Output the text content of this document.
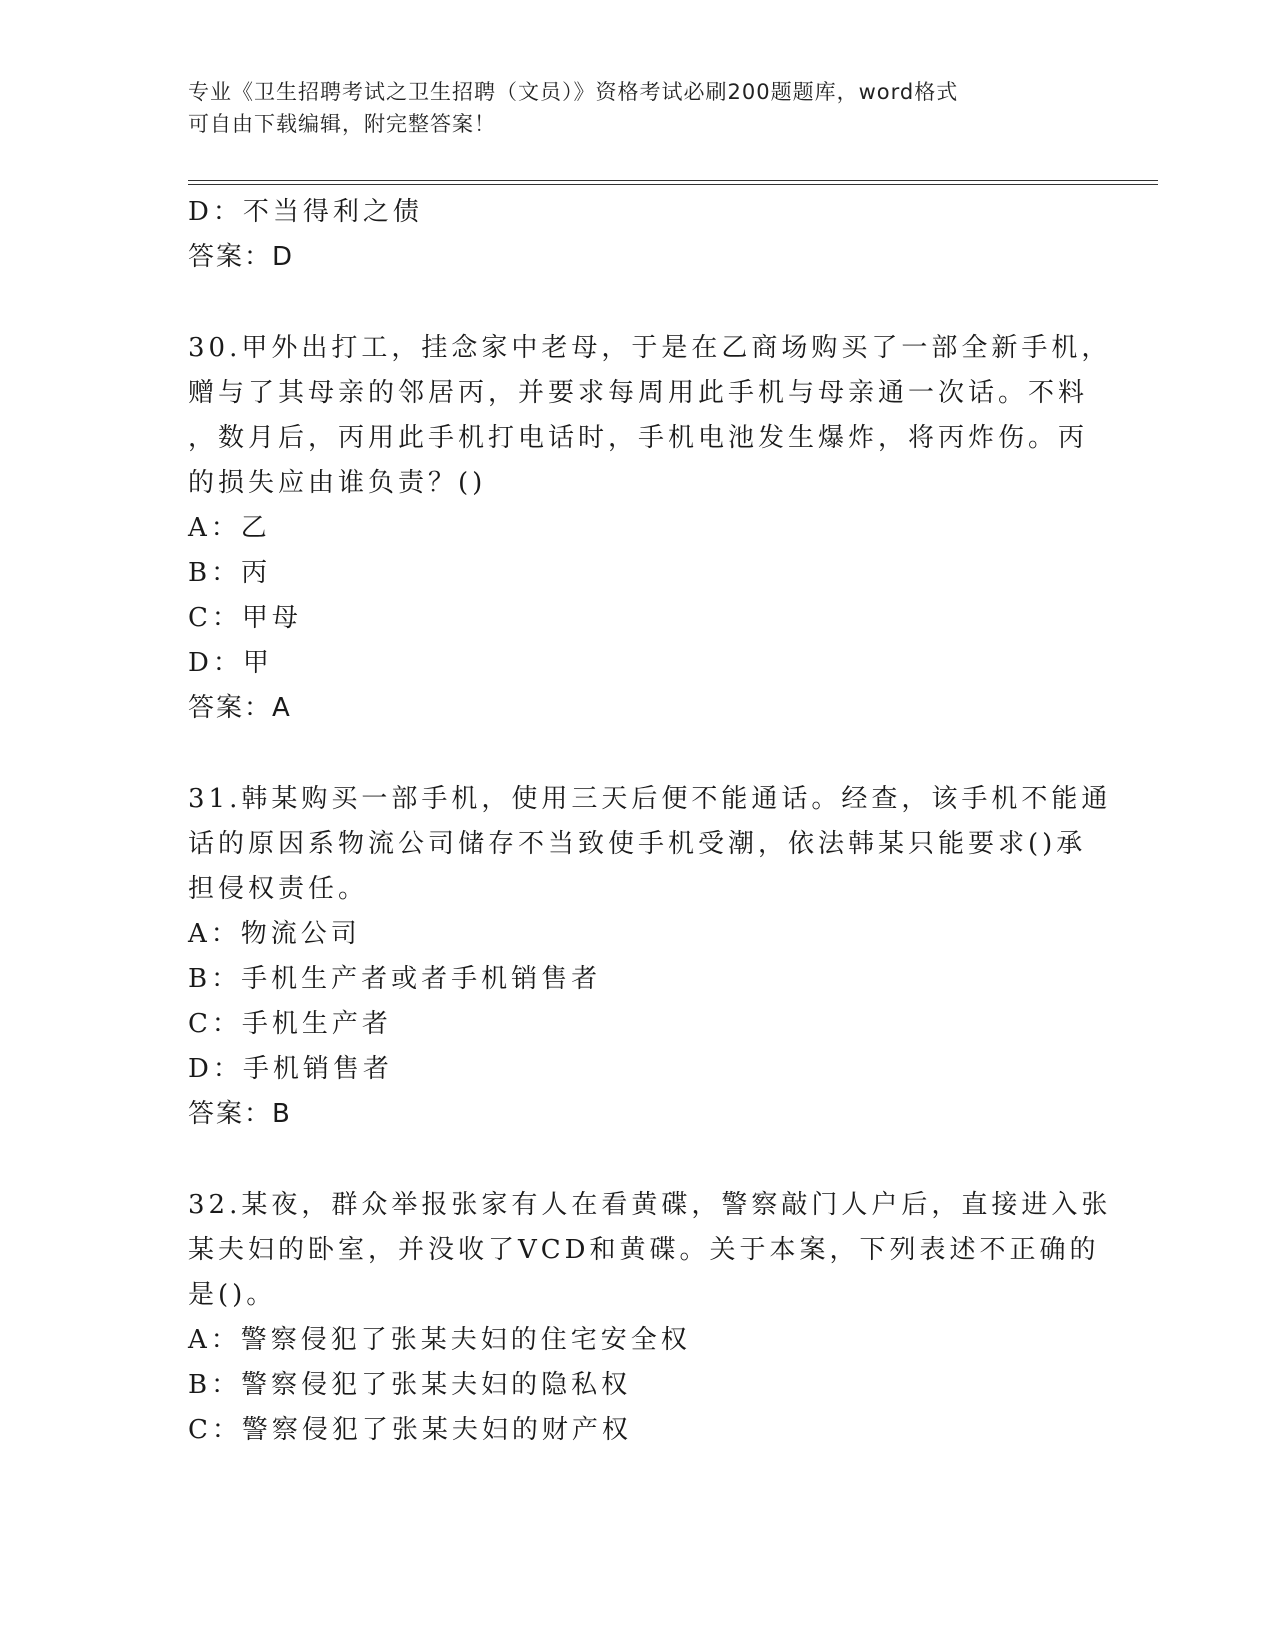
专业《卫生招聘考试之卫生招聘（文员）》资格考试必刷200题题库，word格式
可自由下载编辑，附完整答案！
D：不当得利之债
答案：D
30.甲外出打工，挂念家中老母，于是在乙商场购买了一部全新手机，
赠与了其母亲的邻居丙，并要求每周用此手机与母亲通一次话。不料
，数月后，丙用此手机打电话时，手机电池发生爆炸，将丙炸伤。丙
的损失应由谁负责？()
A：乙
B：丙
C：甲母
D：甲
答案：A
31.韩某购买一部手机，使用三天后便不能通话。经查，该手机不能通
话的原因系物流公司储存不当致使手机受潮，依法韩某只能要求()承
担侵权责任。
A：物流公司
B：手机生产者或者手机销售者
C：手机生产者
D：手机销售者
答案：B
32.某夜，群众举报张家有人在看黄碟，警察敲门人户后，直接进入张
某夫妇的卧室，并没收了VCD和黄碟。关于本案，下列表述不正确的
是()。
A：警察侵犯了张某夫妇的住宅安全权
B：警察侵犯了张某夫妇的隐私权
C：警察侵犯了张某夫妇的财产权
